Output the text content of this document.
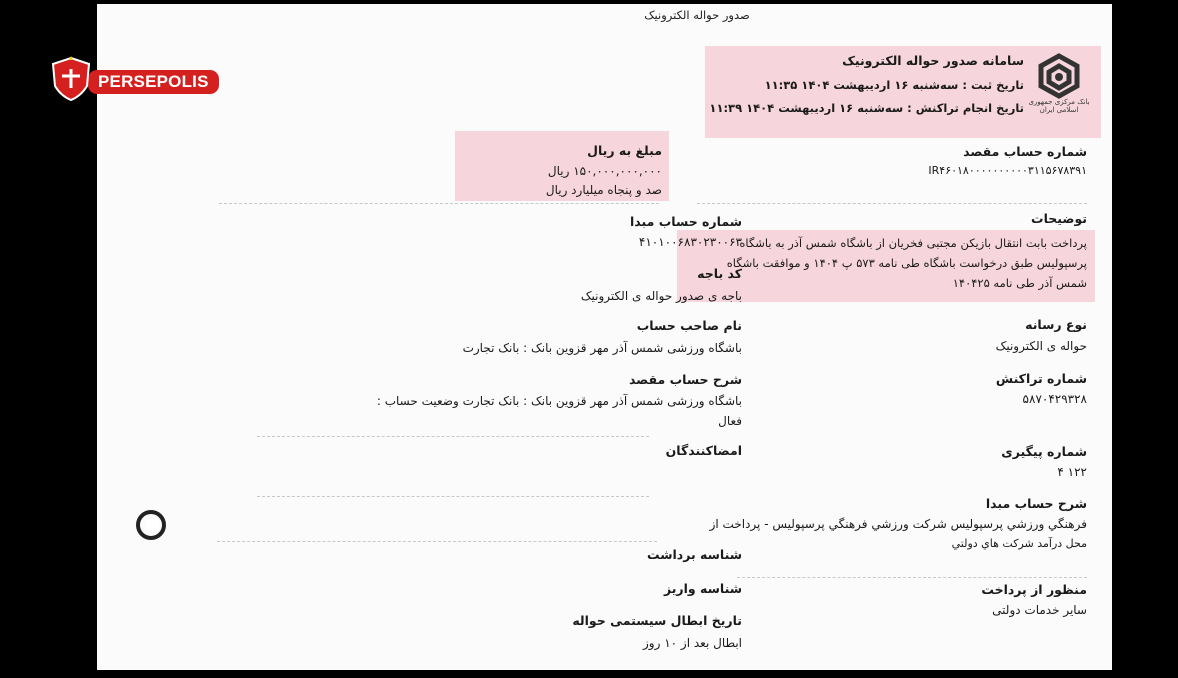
صدور حواله الکترونیک
بانک مرکزی جمهوری اسلامی ایران
سامانه صدور حواله الکترونیک
تاریخ ثبت : سه‌شنبه ۱۶ اردیبهشت ۱۴۰۴ ۱۱:۳۵
تاریخ انجام تراکنش : سه‌شنبه ۱۶ اردیبهشت ۱۴۰۴ ۱۱:۳۹
مبلغ به ریال
۱۵۰,۰۰۰,۰۰۰,۰۰۰ ریال
صد و پنجاه میلیارد ریال
شماره حساب مقصد
IR۴۶۰۱۸۰۰۰۰۰۰۰۰۰۰۳۱۱۵۶۷۸۳۹۱
توضیحات
پرداخت بابت انتقال بازیکن مجتبی فخریان از باشگاه شمس آذر به باشگاه
پرسپولیس طبق درخواست باشگاه طی نامه ۵۷۳ پ ۱۴۰۴ و موافقت باشگاه
شمس آذر طی نامه ۱۴۰۴۲۵
نوع رسانه
حواله ی الکترونیک
شماره تراکنش
۵۸۷۰۴۲۹۳۲۸
شماره پیگیری
۱۲۲ ۴
شرح حساب مبدا
فرهنگي ورزشي پرسپوليس شركت ورزشي فرهنگي پرسپوليس - پرداخت از
محل درآمد شرکت هاي دولتي
منظور از پرداخت
سایر خدمات دولتی
شماره حساب مبدا
۴۱۰۱۰۰۶۸۳۰۲۳۰۰۶۳
کد باجه
باجه ی صدور حواله ی الکترونیک
نام صاحب حساب
باشگاه ورزشی شمس آذر مهر قزوین بانک : بانک تجارت
شرح حساب مقصد
باشگاه ورزشی شمس آذر مهر قزوین بانک : بانک تجارت وضعیت حساب :
فعال
امضاکنندگان
شناسه برداشت
شناسه واریز
تاریخ ابطال سیستمی حواله
ابطال بعد از ۱۰ روز
PERSEPOLIS
